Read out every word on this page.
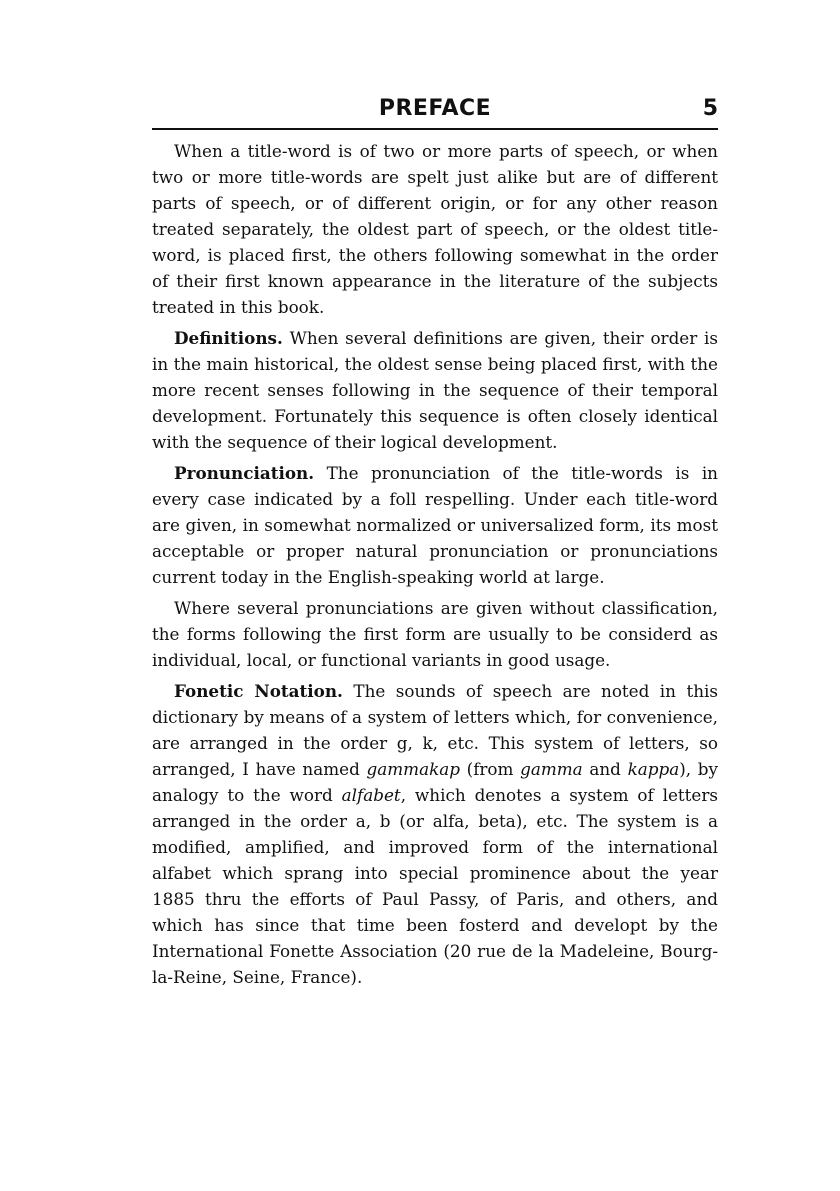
PREFACE	5

When a title-word is of two or more parts of speech, or when two or more title-words are spelt just alike but are of different parts of speech, or of different origin, or for any other reason treated separately, the oldest part of speech, or the oldest title-word, is placed first, the others following somewhat in the order of their first known appearance in the literature of the subjects treated in this book.

Definitions. When several definitions are given, their order is in the main historical, the oldest sense being placed first, with the more recent senses following in the sequence of their temporal development. Fortunately this sequence is often closely identical with the sequence of their logical development.

Pronunciation. The pronunciation of the title-words is in every case indicated by a foll respelling. Under each title-word are given, in somewhat normalized or universalized form, its most acceptable or proper natural pronunciation or pronunciations current today in the English-speaking world at large.

Where several pronunciations are given without classification, the forms following the first form are usually to be considerd as individual, local, or functional variants in good usage.

Fonetic Notation. The sounds of speech are noted in this dictionary by means of a system of letters which, for convenience, are arranged in the order g, k, etc. This system of letters, so arranged, I have named gammakap (from gamma and kappa), by analogy to the word alfabet, which denotes a system of letters arranged in the order a, b (or alfa, beta), etc. The system is a modified, amplified, and improved form of the international alfabet which sprang into special prominence about the year 1885 thru the efforts of Paul Passy, of Paris, and others, and which has since that time been fosterd and developt by the International Fonette Association (20 rue de la Madeleine, Bourg-la-Reine, Seine, France).
